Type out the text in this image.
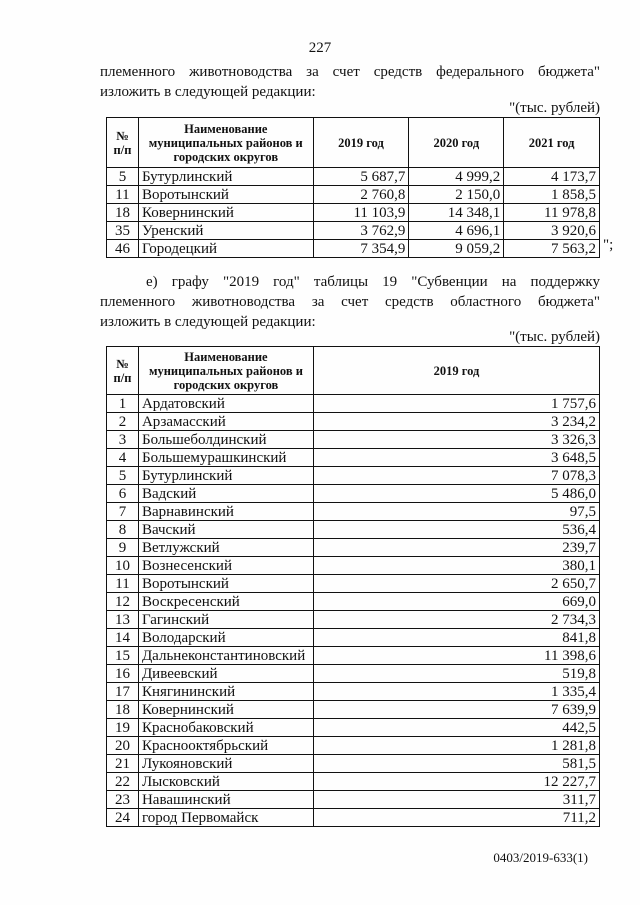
227
племенного животноводства за счет средств федерального бюджета"
изложить в следующей редакции:
"(тыс. рублей)
№ п/п	Наименование муниципальных районов и городских округов	2019 год	2020 год	2021 год
5	Бутурлинский	5 687,7	4 999,2	4 173,7
11	Воротынский	2 760,8	2 150,0	1 858,5
18	Ковернинский	11 103,9	14 348,1	11 978,8
35	Уренский	3 762,9	4 696,1	3 920,6
46	Городецкий	7 354,9	9 059,2	7 563,2 ";
е) графу "2019 год" таблицы 19 "Субвенции на поддержку
племенного животноводства за счет средств областного бюджета"
изложить в следующей редакции:
"(тыс. рублей)
№ п/п	Наименование муниципальных районов и городских округов	2019 год
1	Ардатовский	1 757,6
2	Арзамасский	3 234,2
3	Большеболдинский	3 326,3
4	Большемурашкинский	3 648,5
5	Бутурлинский	7 078,3
6	Вадский	5 486,0
7	Варнавинский	97,5
8	Вачский	536,4
9	Ветлужский	239,7
10	Вознесенский	380,1
11	Воротынский	2 650,7
12	Воскресенский	669,0
13	Гагинский	2 734,3
14	Володарский	841,8
15	Дальнеконстантиновский	11 398,6
16	Дивеевский	519,8
17	Княгининский	1 335,4
18	Ковернинский	7 639,9
19	Краснобаковский	442,5
20	Краснооктябрьский	1 281,8
21	Лукояновский	581,5
22	Лысковский	12 227,7
23	Навашинский	311,7
24	город Первомайск	711,2
0403/2019-633(1)
